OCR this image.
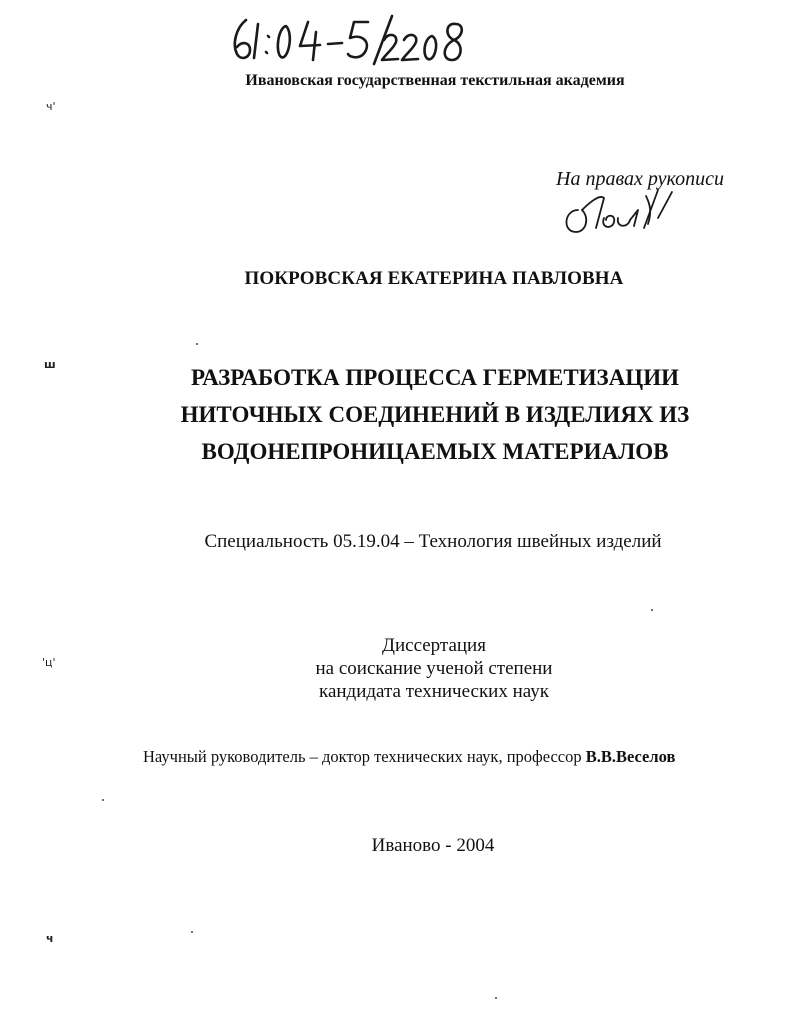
Ивановская государственная текстильная академия
На правах рукописи
ПОКРОВСКАЯ ЕКАТЕРИНА ПАВЛОВНА
РАЗРАБОТКА ПРОЦЕССА ГЕРМЕТИЗАЦИИ
НИТОЧНЫХ СОЕДИНЕНИЙ В ИЗДЕЛИЯХ ИЗ
ВОДОНЕПРОНИЦАЕМЫХ МАТЕРИАЛОВ
Специальность 05.19.04 – Технология швейных изделий
Диссертация
на соискание ученой степени
кандидата технических наук
Научный руководитель – доктор технических наук, профессор В.В.Веселов
Иваново - 2004
ч'
ш
'ц'
ч
